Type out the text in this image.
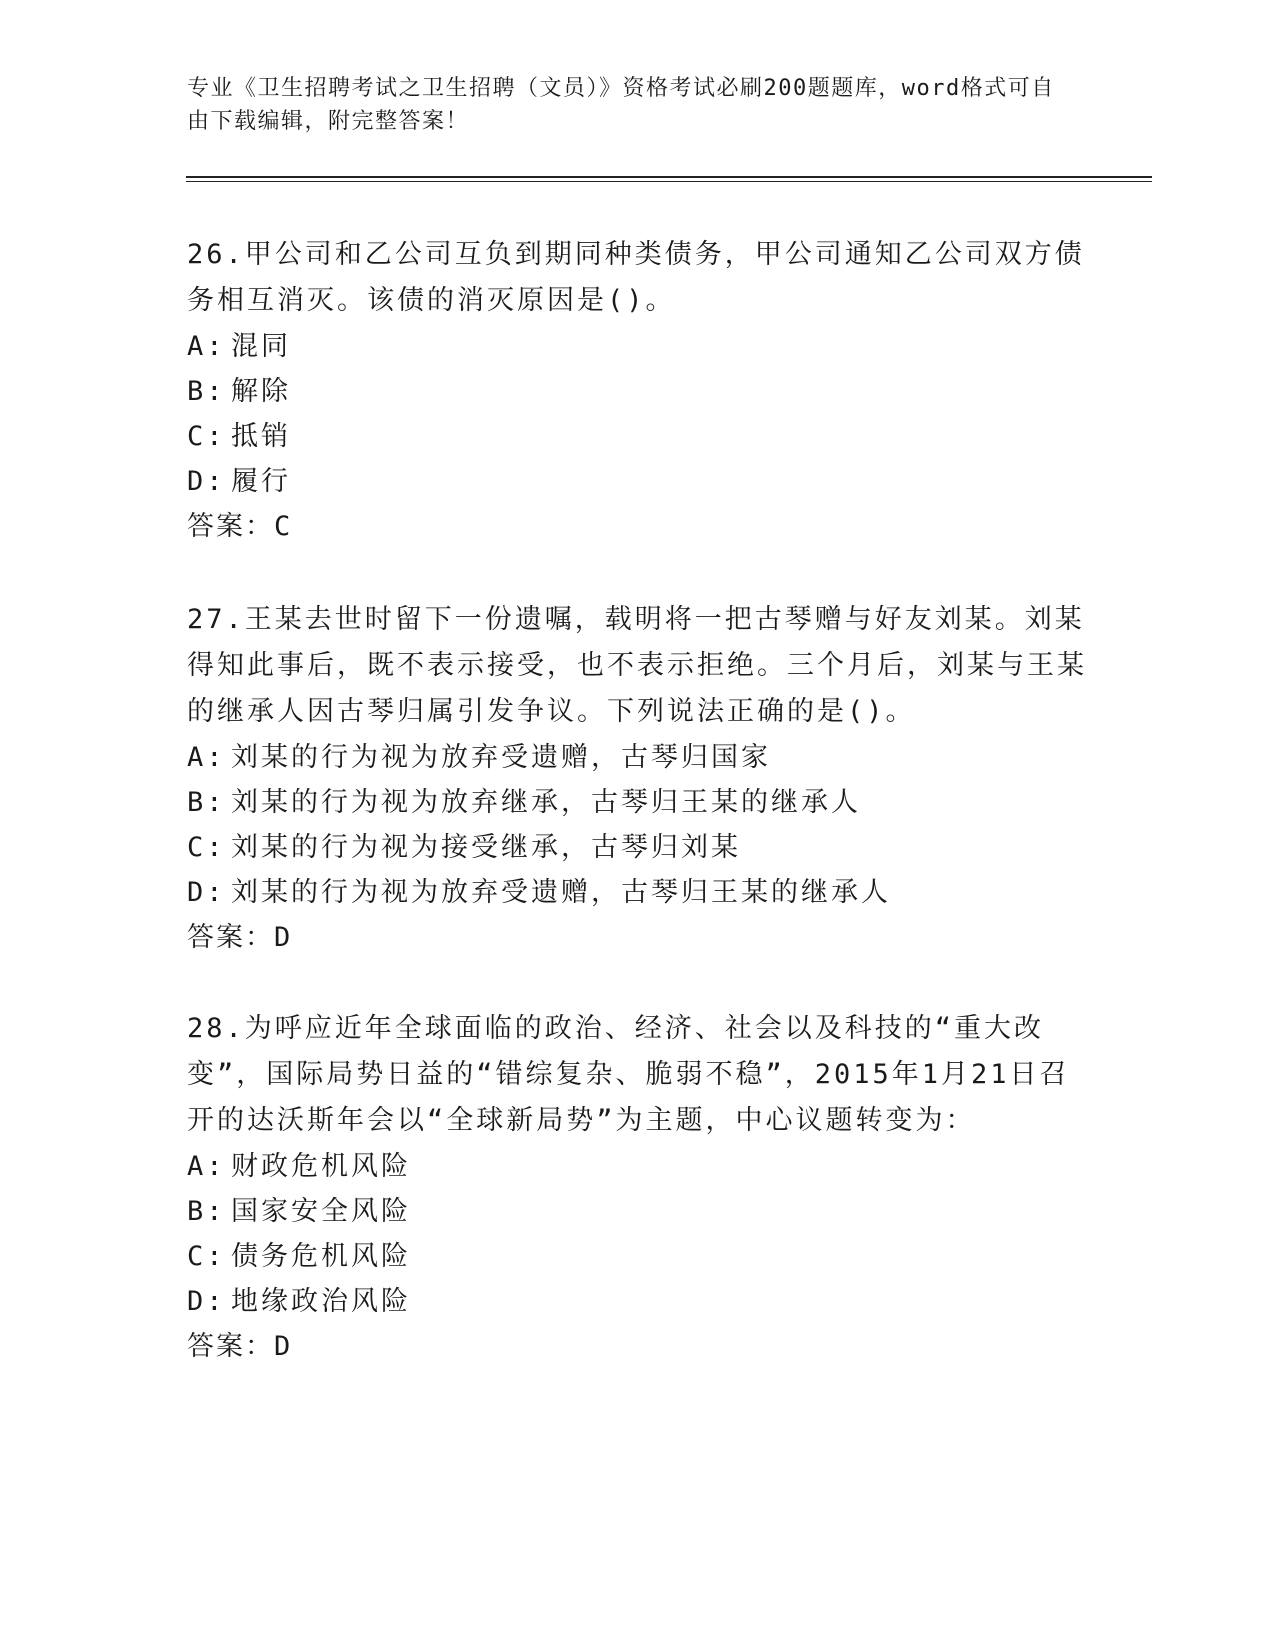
专业《卫生招聘考试之卫生招聘（文员）》资格考试必刷200题题库，word格式可自由下载编辑，附完整答案！

26.甲公司和乙公司互负到期同种类债务，甲公司通知乙公司双方债务相互消灭。该债的消灭原因是()。

A: 混同

B: 解除

C: 抵销

D: 履行

答案：C

27.王某去世时留下一份遗嘱，载明将一把古琴赠与好友刘某。刘某得知此事后，既不表示接受，也不表示拒绝。三个月后，刘某与王某的继承人因古琴归属引发争议。下列说法正确的是()。

A: 刘某的行为视为放弃受遗赠，古琴归国家

B: 刘某的行为视为放弃继承，古琴归王某的继承人

C: 刘某的行为视为接受继承，古琴归刘某

D: 刘某的行为视为放弃受遗赠，古琴归王某的继承人

答案：D

28.为呼应近年全球面临的政治、经济、社会以及科技的“重大改变”，国际局势日益的“错综复杂、脆弱不稳”，2015年1月21日召开的达沃斯年会以“全球新局势”为主题，中心议题转变为：

A: 财政危机风险

B: 国家安全风险

C: 债务危机风险

D: 地缘政治风险

答案：D
